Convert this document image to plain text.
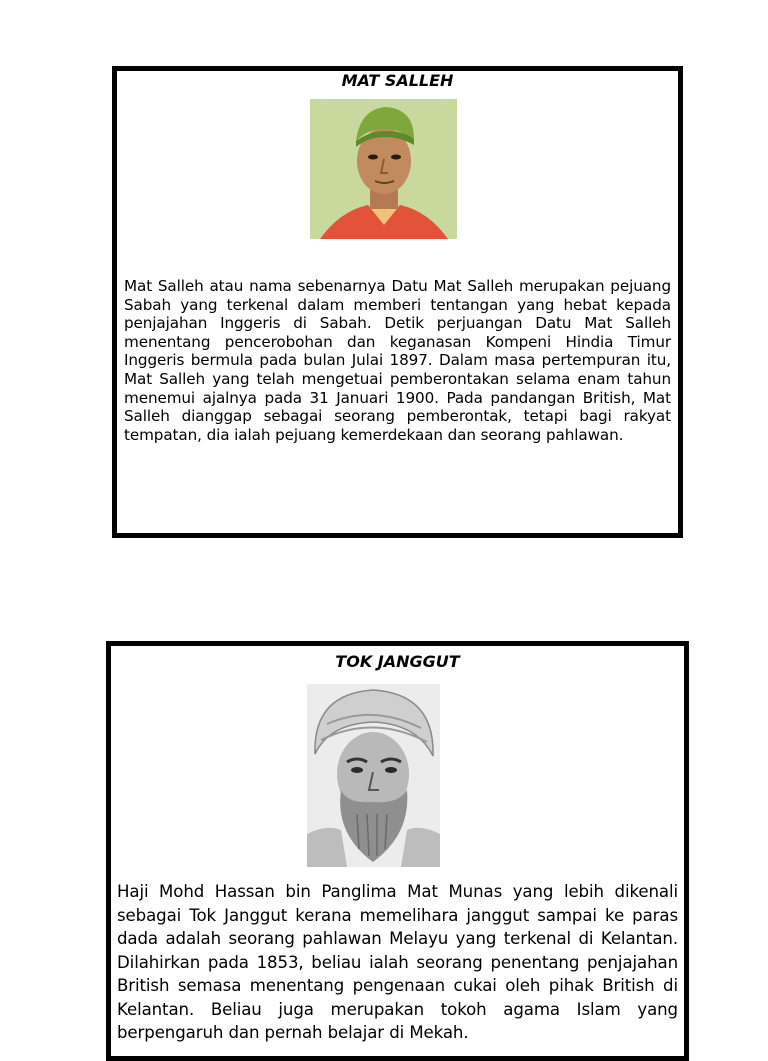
MAT SALLEH

Mat Salleh atau nama sebenarnya Datu Mat Salleh merupakan pejuang Sabah yang terkenal dalam memberi tentangan yang hebat kepada penjajahan Inggeris di Sabah. Detik perjuangan Datu Mat Salleh menentang pencerobohan dan keganasan Kompeni Hindia Timur Inggeris bermula pada bulan Julai 1897. Dalam masa pertempuran itu, Mat Salleh yang telah mengetuai pemberontakan selama enam tahun menemui ajalnya pada 31 Januari 1900. Pada pandangan British, Mat Salleh dianggap sebagai seorang pemberontak, tetapi bagi rakyat tempatan, dia ialah pejuang kemerdekaan dan seorang pahlawan.

TOK JANGGUT

Haji Mohd Hassan bin Panglima Mat Munas yang lebih dikenali sebagai Tok Janggut kerana memelihara janggut sampai ke paras dada adalah seorang pahlawan Melayu yang terkenal di Kelantan. Dilahirkan pada 1853, beliau ialah seorang penentang penjajahan British semasa menentang pengenaan cukai oleh pihak British di Kelantan. Beliau juga merupakan tokoh agama Islam yang berpengaruh dan pernah belajar di Mekah.
